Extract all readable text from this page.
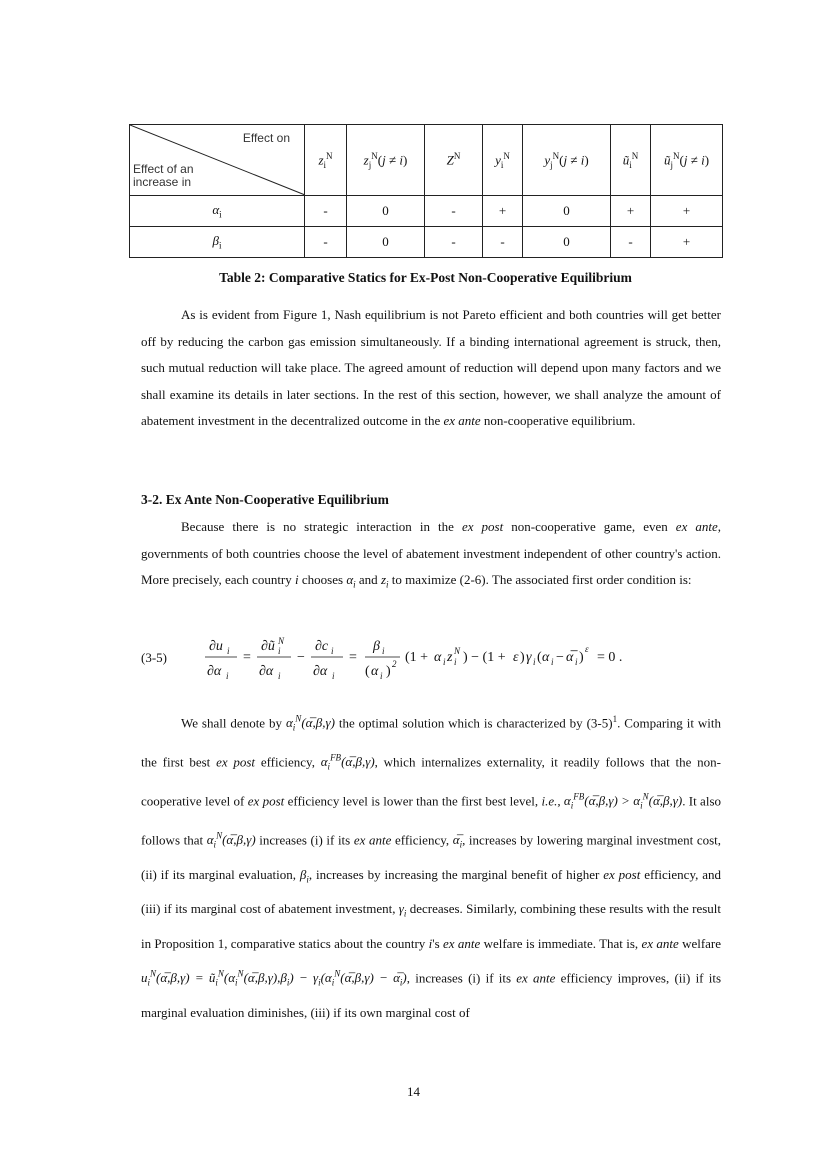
Effect on
Effect of an
increase in	$z_i^N$	$z_j^N(j \ne i)$	$Z^N$	$y_i^N$	$y_j^N(j \ne i)$	$ũ_i^N$	$ũ_j^N(j \ne i)$
$\alpha_i$	-	0	-	+	0	+	+
$\beta_i$	-	0	-	-	0	-	+
Table 2: Comparative Statics for Ex-Post Non-Cooperative Equilibrium
As is evident from Figure 1, Nash equilibrium is not Pareto efficient and both countries will get better off by reducing the carbon gas emission simultaneously. If a binding international agreement is struck, then, such mutual reduction will take place. The agreed amount of reduction will depend upon many factors and we shall examine its details in later sections. In the rest of this section, however, we shall analyze the amount of abatement investment in the decentralized outcome in the ex ante non-cooperative equilibrium.
3-2. Ex Ante Non-Cooperative Equilibrium
Because there is no strategic interaction in the ex post non-cooperative game, even ex ante, governments of both countries choose the level of abatement investment independent of other country's action. More precisely, each country i chooses $\alpha_i$ and $z_i$ to maximize (2-6). The associated first order condition is:
(3-5)
∂u i
∂α i
=
∂ũ i
N
∂α i
−
∂c i
∂α i
=
β i
( α i ) 2 (1 + α i z i
N ) − (1 + ε ) γ i ( α i − α̅ i )
ε
= 0 .
We shall denote by $\alpha_i^N(\alpha̅,\beta,\gamma)$ the optimal solution which is characterized by $(3-5)^1$. Comparing it with the first best ex post efficiency, $\alpha_i^{FB}(\alpha̅,\beta,\gamma)$, which internalizes externality, it readily follows that the non-cooperative level of ex post efficiency level is lower than the first best level, i.e., $\alpha_i^{FB}(\alpha̅,\beta,\gamma)$ > $\alpha_i^N(\alpha̅,\beta,\gamma)$. It also follows that $\alpha_i^N(\alpha̅,\beta,\gamma)$ increases (i) if its ex ante efficiency, $\alpha̅_i$, increases by lowering marginal investment cost, (ii) if its marginal evaluation, $\beta_i$, increases by increasing the marginal benefit of higher ex post efficiency, and (iii) if its marginal cost of abatement investment, $\gamma_i$ decreases. Similarly, combining these results with the result in Proposition 1, comparative statics about the country i's ex ante welfare is immediate. That is, ex ante welfare $u_i^N(\alpha̅,\beta,\gamma)$ = $ũ_i^N(\alpha_i^N(\alpha̅,\beta,\gamma),\beta_i)$ − $\gamma_i(\alpha_i^N(\alpha̅,\beta,\gamma)$ − $\alpha̅_i$), increases (i) if its ex ante efficiency improves, (ii) if its marginal evaluation diminishes, (iii) if its own marginal cost of
14
